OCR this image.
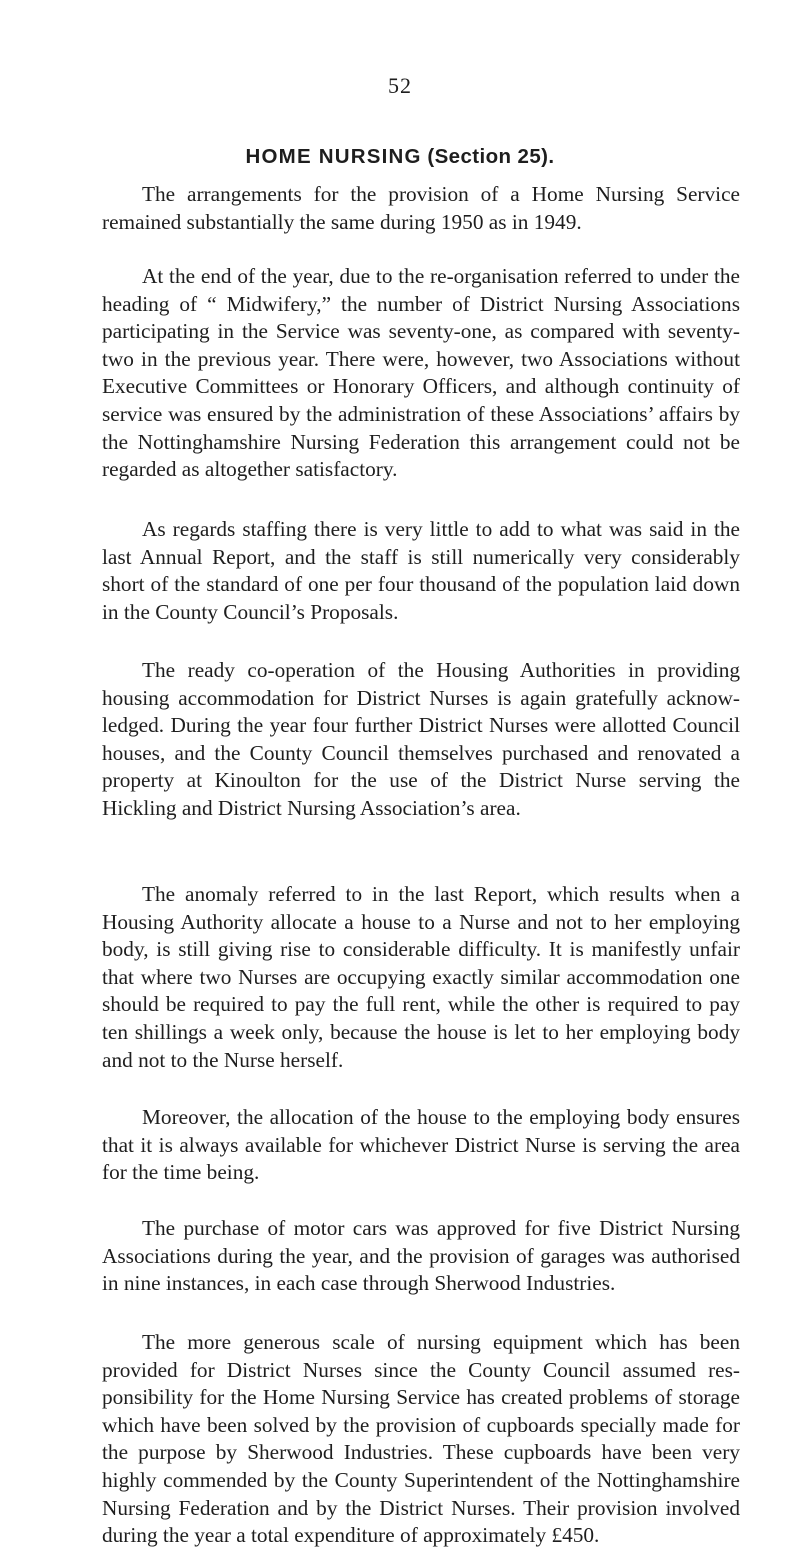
52
HOME NURSING (Section 25).

The arrangements for the provision of a Home Nursing Service remained substantially the same during 1950 as in 1949.

At the end of the year, due to the re-organisation referred to under the heading of “ Midwifery,” the number of District Nursing Associations participating in the Service was seventy-one, as compared with seventy-two in the previous year. There were, however, two Associations without Executive Committees or Honorary Officers, and although continuity of service was ensured by the administration of these Associations’ affairs by the Nottinghamshire Nursing Federation this arrangement could not be regarded as altogether satisfactory.

As regards staffing there is very little to add to what was said in the last Annual Report, and the staff is still numerically very considerably short of the standard of one per four thousand of the population laid down in the County Council’s Proposals.

The ready co-operation of the Housing Authorities in providing housing accommodation for District Nurses is again gratefully acknowledged. During the year four further District Nurses were allotted Council houses, and the County Council themselves purchased and renovated a property at Kinoulton for the use of the District Nurse serving the Hickling and District Nursing Association’s area.

The anomaly referred to in the last Report, which results when a Housing Authority allocate a house to a Nurse and not to her employing body, is still giving rise to considerable difficulty. It is manifestly unfair that where two Nurses are occupying exactly similar accommodation one should be required to pay the full rent, while the other is required to pay ten shillings a week only, because the house is let to her employing body and not to the Nurse herself.

Moreover, the allocation of the house to the employing body ensures that it is always available for whichever District Nurse is serving the area for the time being.

The purchase of motor cars was approved for five District Nursing Associations during the year, and the provision of garages was authorised in nine instances, in each case through Sherwood Industries.

The more generous scale of nursing equipment which has been provided for District Nurses since the County Council assumed responsibility for the Home Nursing Service has created problems of storage which have been solved by the provision of cupboards specially made for the purpose by Sherwood Industries. These cupboards have been very highly commended by the County Superintendent of the Nottinghamshire Nursing Federation and by the District Nurses. Their provision involved during the year a total expenditure of approximately £450.
